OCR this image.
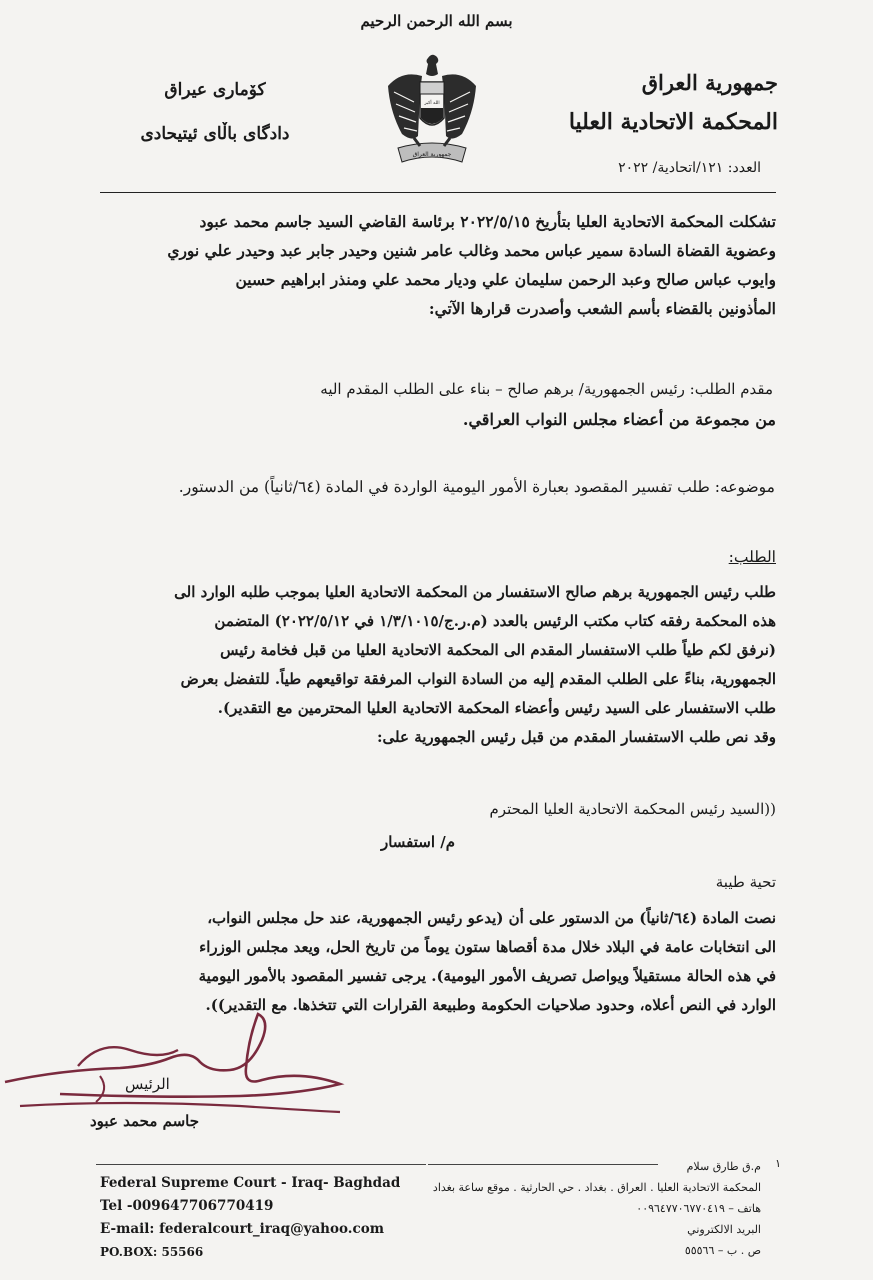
بسم الله الرحمن الرحيم
جمهورية العراق
المحكمة الاتحادية العليا
كۆمارى عيراق
دادگای باڵای ئیتیحادی
الله أكبر
جمهورية العراق
العدد: ١٢١/اتحادية/ ٢٠٢٢
تشكلت المحكمة الاتحادية العليا بتأريخ ٢٠٢٢/٥/١٥ برئاسة القاضي السيد جاسم محمد عبود
وعضوية القضاة السادة سمير عباس محمد وغالب عامر شنين وحيدر جابر عبد وحيدر علي نوري
وايوب عباس صالح وعبد الرحمن سليمان علي وديار محمد علي ومنذر ابراهيم حسين
المأذونين بالقضاء بأسم الشعب وأصدرت قرارها الآتي:
مقدم الطلب: رئيس الجمهورية/ برهم صالح – بناء على الطلب المقدم اليه
من مجموعة من أعضاء مجلس النواب العراقي.
موضوعه: طلب تفسير المقصود بعبارة الأمور اليومية الواردة في المادة (٦٤/ثانياً) من الدستور.
الطلب:
طلب رئيس الجمهورية برهم صالح الاستفسار من المحكمة الاتحادية العليا بموجب طلبه الوارد الى
هذه المحكمة رفقه كتاب مكتب الرئيس بالعدد (م.ر.ج/١/٣/١٠١٥ في ٢٠٢٢/٥/١٢) المتضمن
(نرفق لكم طياً طلب الاستفسار المقدم الى المحكمة الاتحادية العليا من قبل فخامة رئيس
الجمهورية، بناءً على الطلب المقدم إليه من السادة النواب المرفقة تواقيعهم طياً. للتفضل بعرض
طلب الاستفسار على السيد رئيس وأعضاء المحكمة الاتحادية العليا المحترمين مع التقدير).
وقد نص طلب الاستفسار المقدم من قبل رئيس الجمهورية على:
((السيد رئيس المحكمة الاتحادية العليا المحترم
م/ استفسار
تحية طيبة
نصت المادة (٦٤/ثانياً) من الدستور على أن (يدعو رئيس الجمهورية، عند حل مجلس النواب،
الى انتخابات عامة في البلاد خلال مدة أقصاها ستون يوماً من تاريخ الحل، ويعد مجلس الوزراء
في هذه الحالة مستقيلاً ويواصل تصريف الأمور اليومية). يرجى تفسير المقصود بالأمور اليومية
الوارد في النص أعلاه، وحدود صلاحيات الحكومة وطبيعة القرارات التي تتخذها. مع التقدير)).
الرئيس
جاسم محمد عبود
Federal Supreme Court - Iraq- Baghdad
Tel -009647706770419
E-mail: federalcourt_iraq@yahoo.com
PO.BOX: 55566
١
م.ق طارق سلام
المحكمة الاتحادية العليا . العراق . بغداد . حي الحارثية . موقع ساعة بغداد
هاتف – ٠٠٩٦٤٧٧٠٦٧٧٠٤١٩
البريد الالكتروني
ص . ب – ٥٥٥٦٦
